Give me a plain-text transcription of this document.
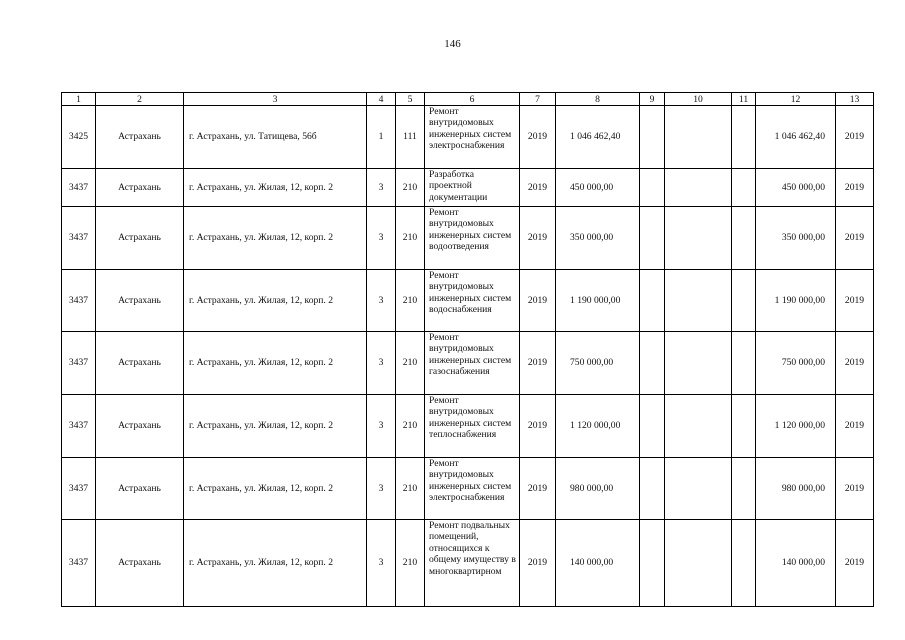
146
1	2	3	4	5	6	7	8	9	10	11	12	13
3425	Астрахань	г. Астрахань, ул. Татищева, 56б	1	111	Ремонт внутридомовых инженерных систем электроснабжения	2019	1 046 462,40				1 046 462,40	2019
3437	Астрахань	г. Астрахань, ул. Жилая, 12, корп. 2	3	210	Разработка проектной документации	2019	450 000,00				450 000,00	2019
3437	Астрахань	г. Астрахань, ул. Жилая, 12, корп. 2	3	210	Ремонт внутридомовых инженерных систем водоотведения	2019	350 000,00				350 000,00	2019
3437	Астрахань	г. Астрахань, ул. Жилая, 12, корп. 2	3	210	Ремонт внутридомовых инженерных систем водоснабжения	2019	1 190 000,00				1 190 000,00	2019
3437	Астрахань	г. Астрахань, ул. Жилая, 12, корп. 2	3	210	Ремонт внутридомовых инженерных систем газоснабжения	2019	750 000,00				750 000,00	2019
3437	Астрахань	г. Астрахань, ул. Жилая, 12, корп. 2	3	210	Ремонт внутридомовых инженерных систем теплоснабжения	2019	1 120 000,00				1 120 000,00	2019
3437	Астрахань	г. Астрахань, ул. Жилая, 12, корп. 2	3	210	Ремонт внутридомовых инженерных систем электроснабжения	2019	980 000,00				980 000,00	2019
3437	Астрахань	г. Астрахань, ул. Жилая, 12, корп. 2	3	210	Ремонт подвальных помещений, относящихся к общему имуществу в многоквартирном	2019	140 000,00				140 000,00	2019
